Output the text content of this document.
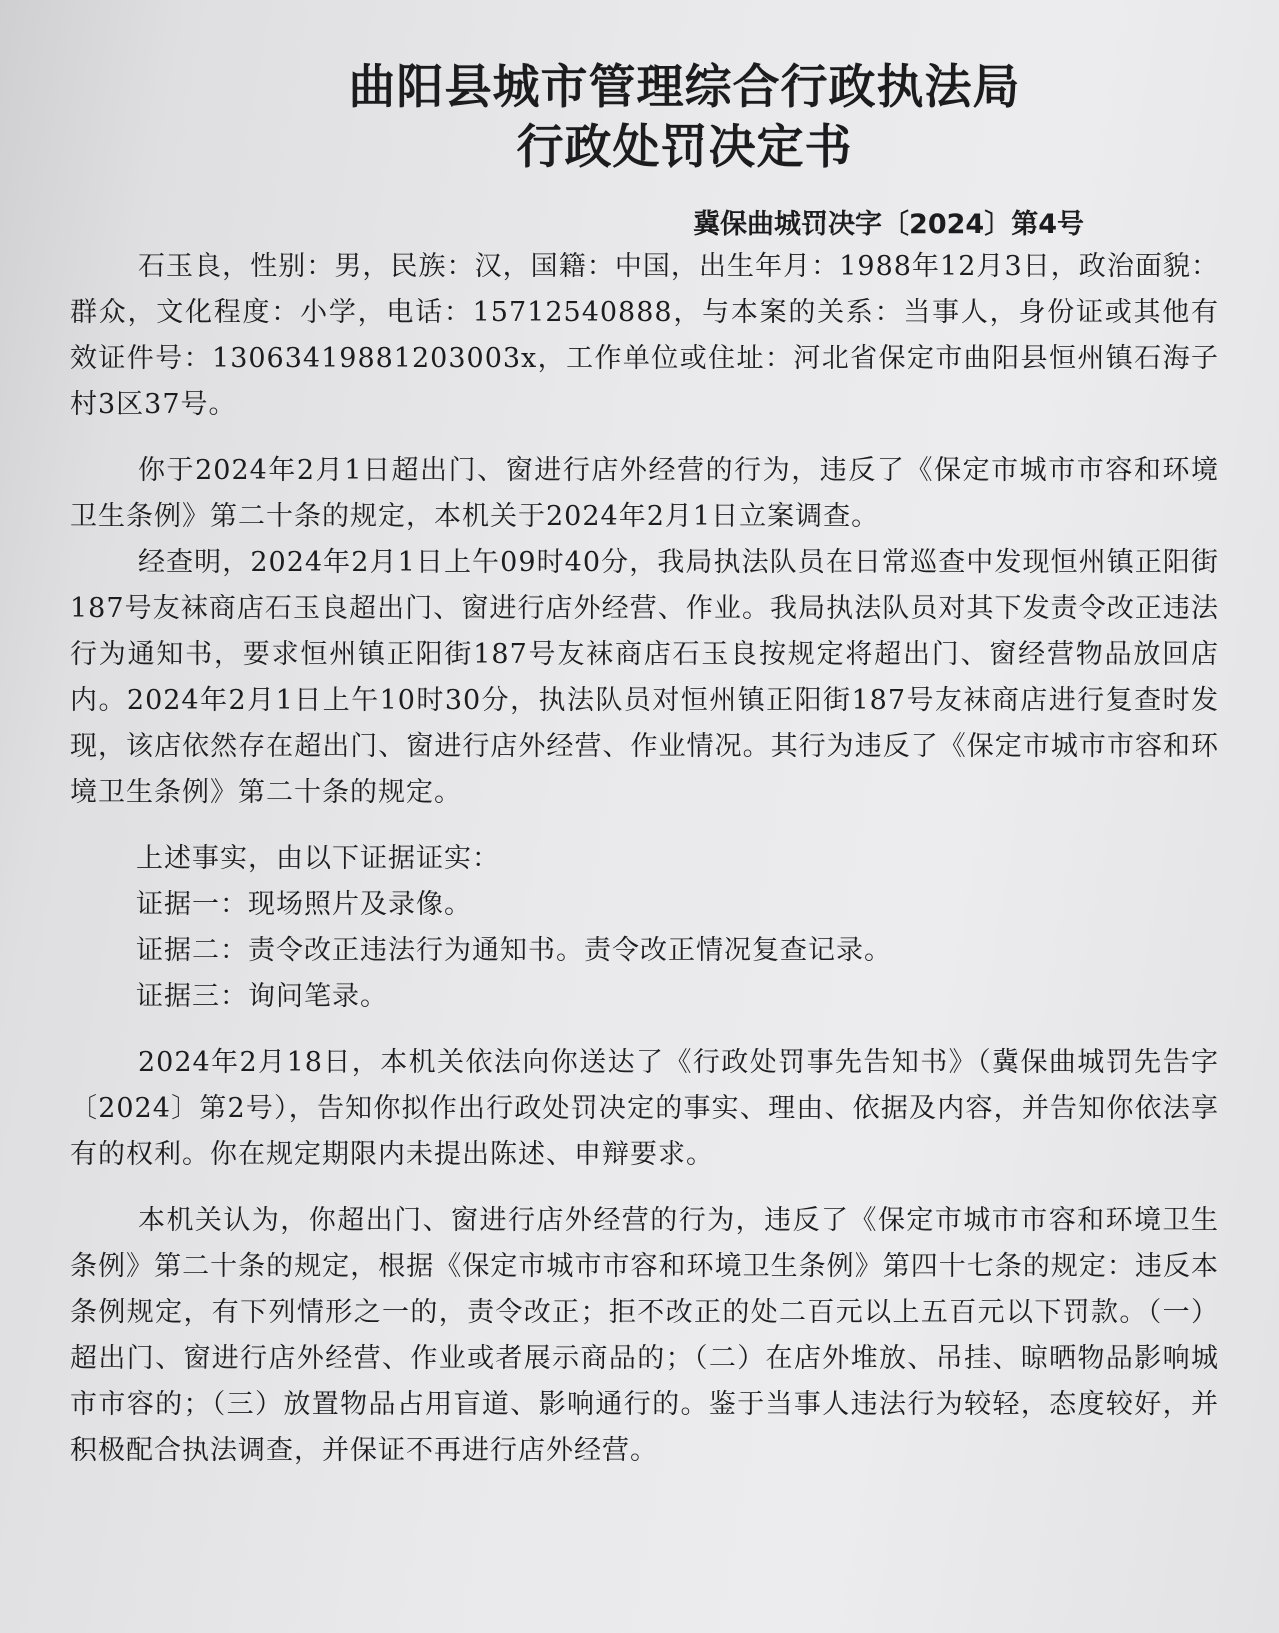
曲阳县城市管理综合行政执法局

行政处罚决定书

冀保曲城罚决字〔2024〕第4号

石玉良，性别：男，民族：汉，国籍：中国，出生年月：1988年12月3日，政治面貌：群众，文化程度：小学，电话：15712540888，与本案的关系：当事人，身份证或其他有效证件号：13063419881203003x，工作单位或住址：河北省保定市曲阳县恒州镇石海子村3区37号。

你于2024年2月1日超出门、窗进行店外经营的行为，违反了《保定市城市市容和环境卫生条例》第二十条的规定，本机关于2024年2月1日立案调查。

经查明，2024年2月1日上午09时40分，我局执法队员在日常巡查中发现恒州镇正阳街187号友袜商店石玉良超出门、窗进行店外经营、作业。我局执法队员对其下发责令改正违法行为通知书，要求恒州镇正阳街187号友袜商店石玉良按规定将超出门、窗经营物品放回店内。2024年2月1日上午10时30分，执法队员对恒州镇正阳街187号友袜商店进行复查时发现，该店依然存在超出门、窗进行店外经营、作业情况。其行为违反了《保定市城市市容和环境卫生条例》第二十条的规定。

上述事实，由以下证据证实：

证据一：现场照片及录像。

证据二：责令改正违法行为通知书。责令改正情况复查记录。

证据三：询问笔录。

2024年2月18日，本机关依法向你送达了《行政处罚事先告知书》（冀保曲城罚先告字〔2024〕第2号），告知你拟作出行政处罚决定的事实、理由、依据及内容，并告知你依法享有的权利。你在规定期限内未提出陈述、申辩要求。

本机关认为，你超出门、窗进行店外经营的行为，违反了《保定市城市市容和环境卫生条例》第二十条的规定，根据《保定市城市市容和环境卫生条例》第四十七条的规定：违反本条例规定，有下列情形之一的，责令改正；拒不改正的处二百元以上五百元以下罚款。（一）超出门、窗进行店外经营、作业或者展示商品的；（二）在店外堆放、吊挂、晾晒物品影响城市市容的；（三）放置物品占用盲道、影响通行的。鉴于当事人违法行为较轻，态度较好，并积极配合执法调查，并保证不再进行店外经营。
